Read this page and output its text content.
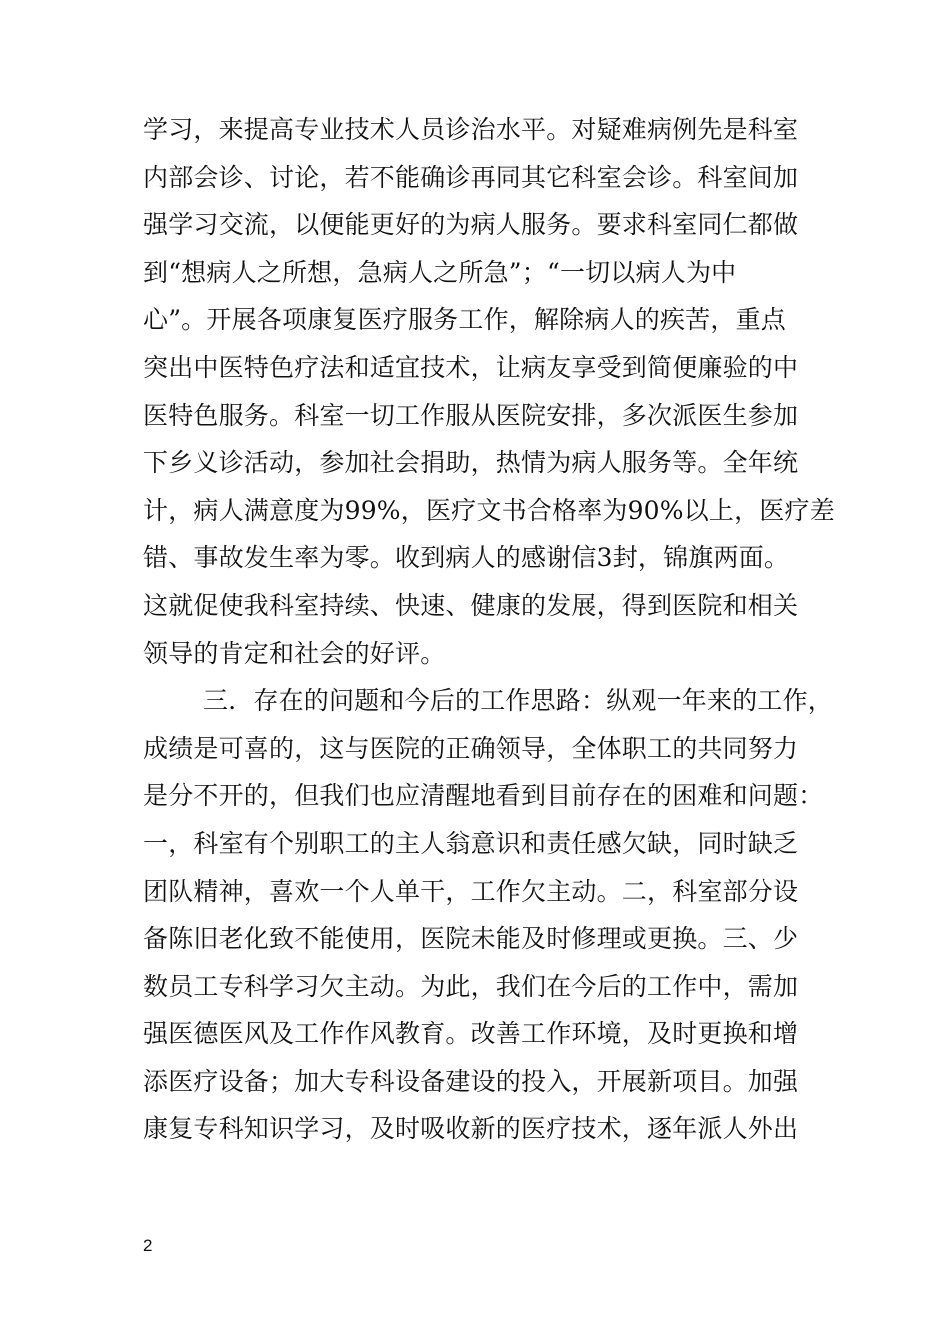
学习，来提高专业技术人员诊治水平。对疑难病例先是科室
内部会诊、讨论，若不能确诊再同其它科室会诊。科室间加
强学习交流，以便能更好的为病人服务。要求科室同仁都做
到“想病人之所想，急病人之所急”；“一切以病人为中
心”。开展各项康复医疗服务工作，解除病人的疾苦，重点
突出中医特色疗法和适宜技术，让病友享受到简便廉验的中
医特色服务。科室一切工作服从医院安排，多次派医生参加
下乡义诊活动，参加社会捐助，热情为病人服务等。全年统
计，病人满意度为99%，医疗文书合格率为90%以上，医疗差
错、事故发生率为零。收到病人的感谢信3封，锦旗两面。
这就促使我科室持续、快速、健康的发展，得到医院和相关
领导的肯定和社会的好评。
三．存在的问题和今后的工作思路：纵观一年来的工作，
成绩是可喜的，这与医院的正确领导，全体职工的共同努力
是分不开的，但我们也应清醒地看到目前存在的困难和问题：
一，科室有个别职工的主人翁意识和责任感欠缺，同时缺乏
团队精神，喜欢一个人单干，工作欠主动。二，科室部分设
备陈旧老化致不能使用，医院未能及时修理或更换。三、少
数员工专科学习欠主动。为此，我们在今后的工作中，需加
强医德医风及工作作风教育。改善工作环境，及时更换和增
添医疗设备；加大专科设备建设的投入，开展新项目。加强
康复专科知识学习，及时吸收新的医疗技术，逐年派人外出
2
